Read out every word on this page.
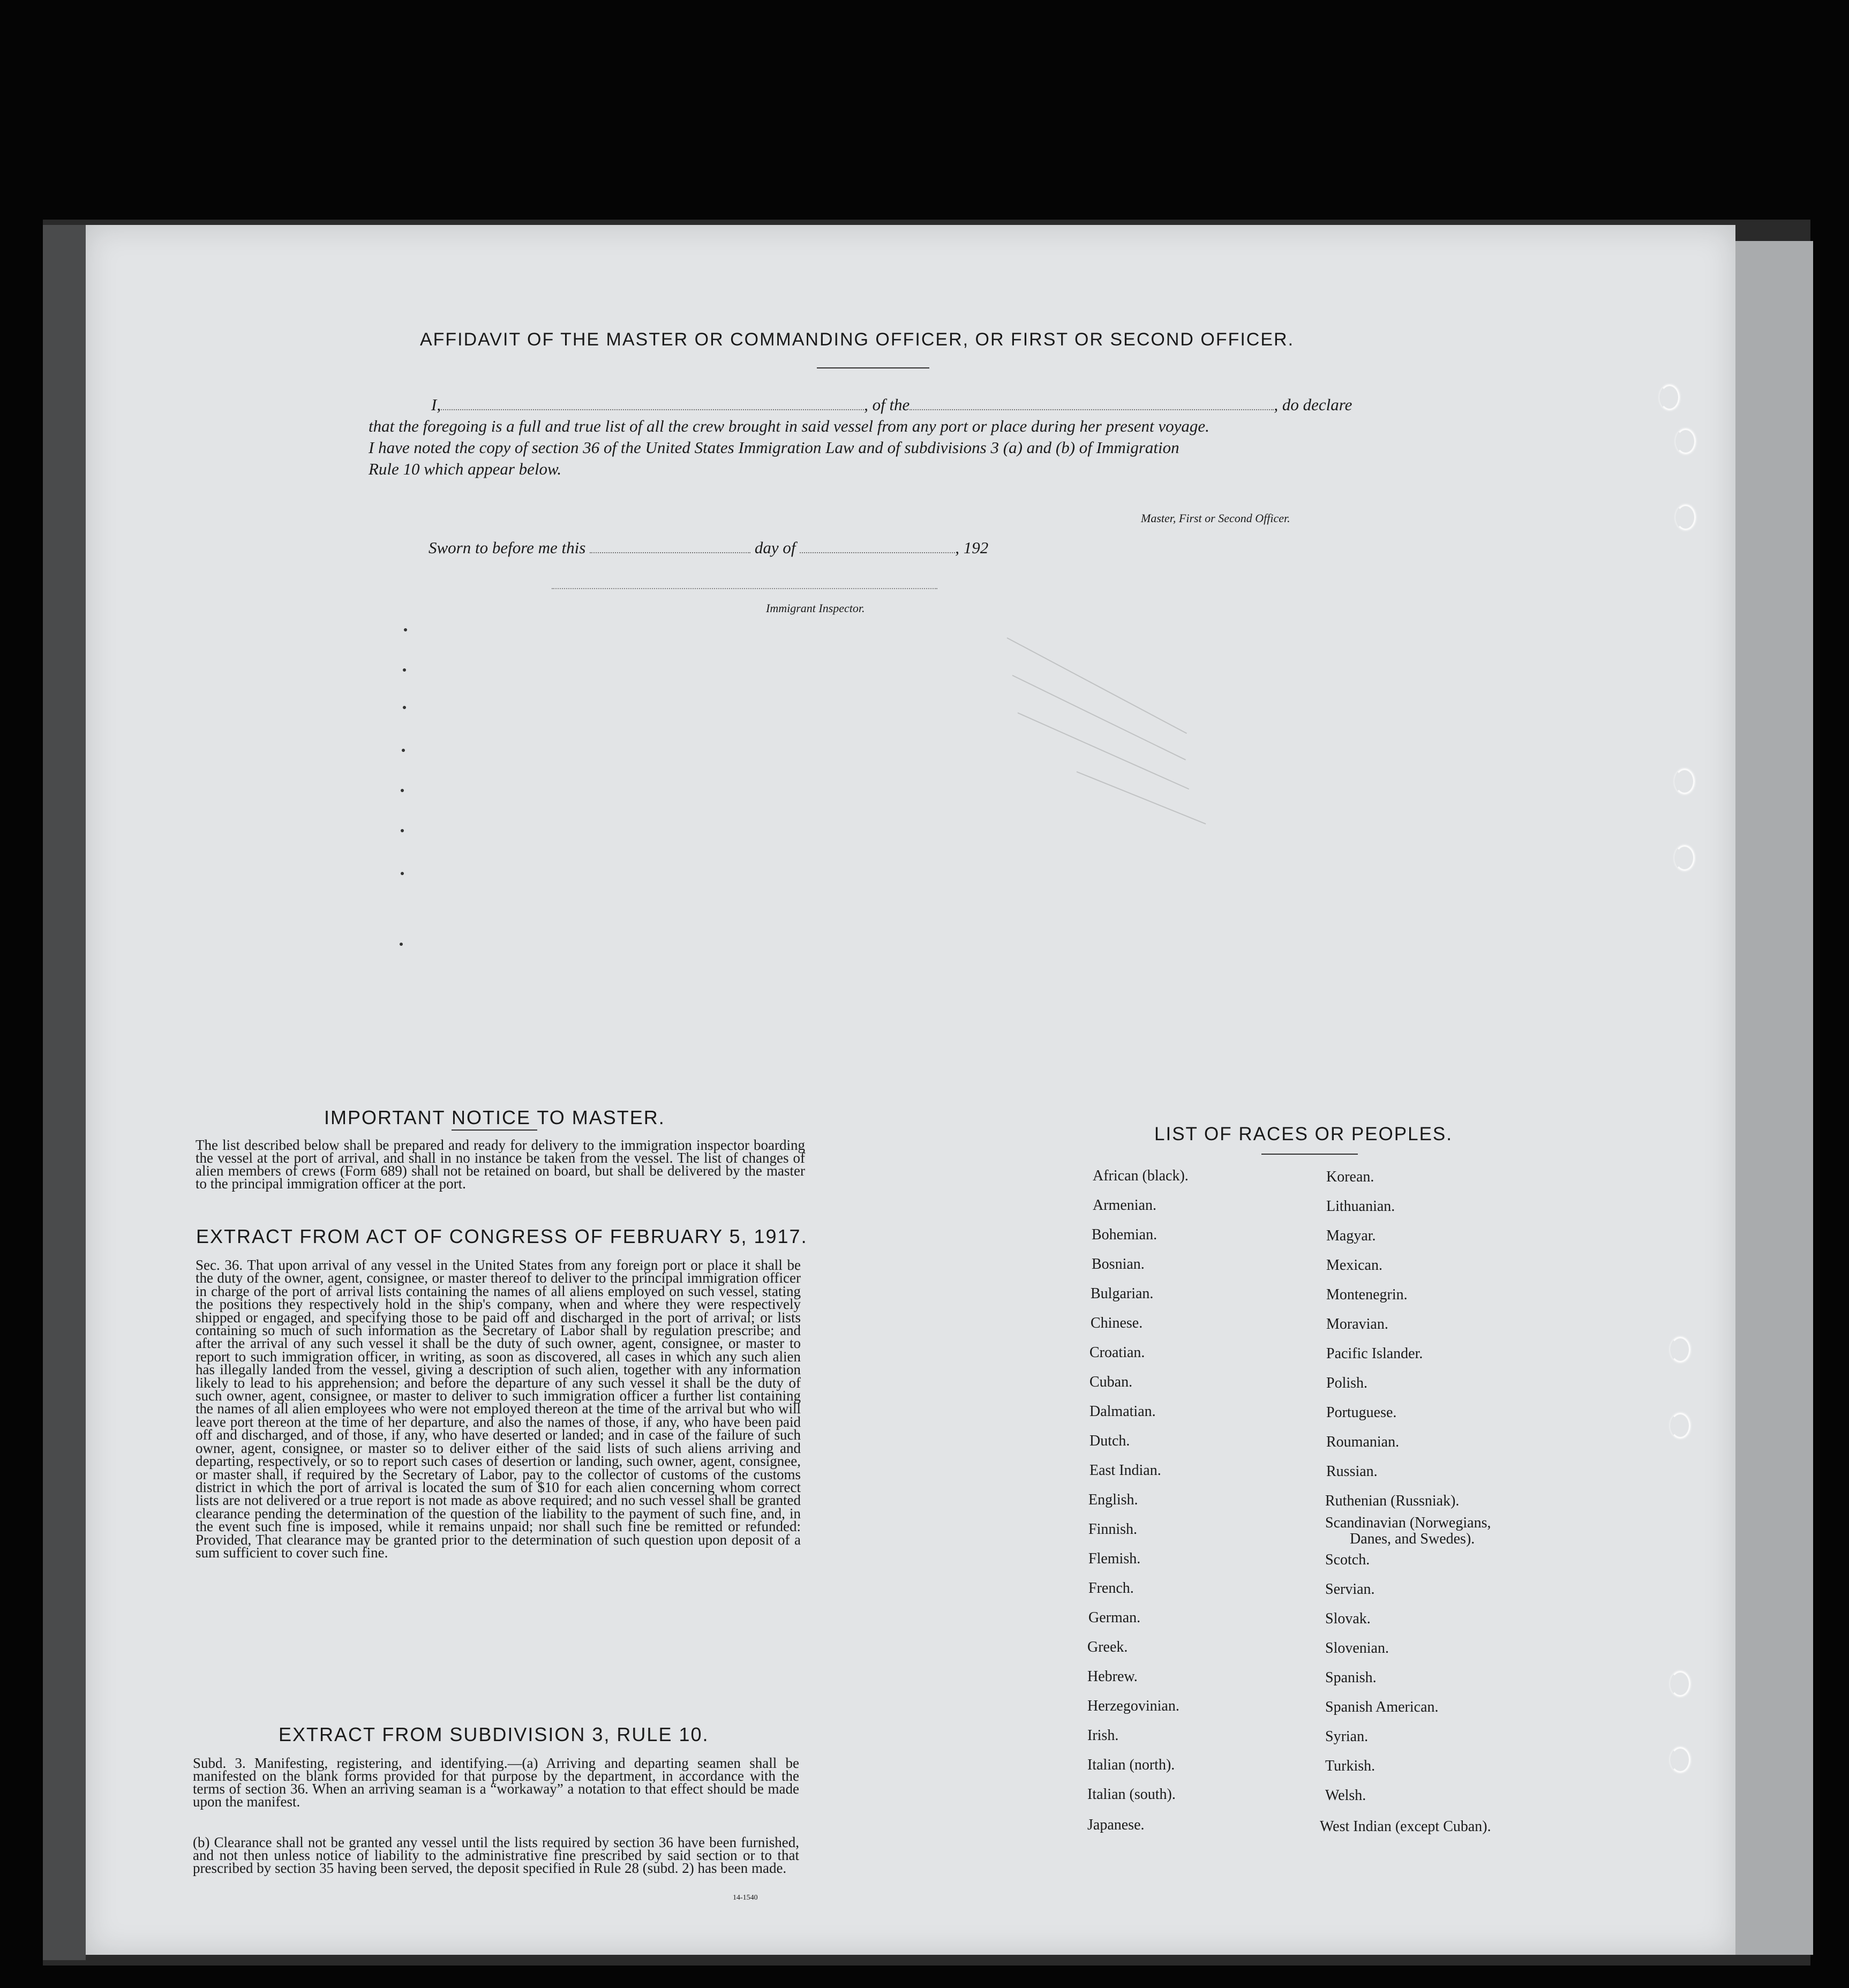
AFFIDAVIT OF THE MASTER OR COMMANDING OFFICER, OR FIRST OR SECOND OFFICER.
I,	, of the	, do declare
that the foregoing is a full and true list of all the crew brought in said vessel from any port or place during her present voyage.
I have noted the copy of section 36 of the United States Immigration Law and of subdivisions 3 (a) and (b) of Immigration
Rule 10 which appear below.
Master, First or Second Officer.
Sworn to before me this	day of	, 192
Immigrant Inspector.
IMPORTANT NOTICE TO MASTER.
The list described below shall be prepared and ready for delivery to the immigration inspector boarding the vessel at the port of arrival, and shall in no instance be taken from the vessel. The list of changes of alien members of crews (Form 689) shall not be retained on board, but shall be delivered by the master to the principal immigration officer at the port.
EXTRACT FROM ACT OF CONGRESS OF FEBRUARY 5, 1917.
Sec. 36. That upon arrival of any vessel in the United States from any foreign port or place it shall be the duty of the owner, agent, consignee, or master thereof to deliver to the principal immigration officer in charge of the port of arrival lists containing the names of all aliens employed on such vessel, stating the positions they respectively hold in the ship's company, when and where they were respectively shipped or engaged, and specifying those to be paid off and discharged in the port of arrival; or lists containing so much of such information as the Secretary of Labor shall by regulation prescribe; and after the arrival of any such vessel it shall be the duty of such owner, agent, consignee, or master to report to such immigration officer, in writing, as soon as discovered, all cases in which any such alien has illegally landed from the vessel, giving a description of such alien, together with any information likely to lead to his apprehension; and before the departure of any such vessel it shall be the duty of such owner, agent, consignee, or master to deliver to such immigration officer a further list containing the names of all alien employees who were not employed thereon at the time of the arrival but who will leave port thereon at the time of her departure, and also the names of those, if any, who have been paid off and discharged, and of those, if any, who have deserted or landed; and in case of the failure of such owner, agent, consignee, or master so to deliver either of the said lists of such aliens arriving and departing, respectively, or so to report such cases of desertion or landing, such owner, agent, consignee, or master shall, if required by the Secretary of Labor, pay to the collector of customs of the customs district in which the port of arrival is located the sum of $10 for each alien concerning whom correct lists are not delivered or a true report is not made as above required; and no such vessel shall be granted clearance pending the determination of the question of the liability to the payment of such fine, and, in the event such fine is imposed, while it remains unpaid; nor shall such fine be remitted or refunded: Provided, That clearance may be granted prior to the determination of such question upon deposit of a sum sufficient to cover such fine.
EXTRACT FROM SUBDIVISION 3, RULE 10.
Subd. 3. Manifesting, registering, and identifying.—(a) Arriving and departing seamen shall be manifested on the blank forms provided for that purpose by the department, in accordance with the terms of section 36. When an arriving seaman is a “workaway” a notation to that effect should be made upon the manifest.
(b) Clearance shall not be granted any vessel until the lists required by section 36 have been furnished, and not then unless notice of liability to the administrative fine prescribed by said section or to that prescribed by section 35 having been served, the deposit specified in Rule 28 (subd. 2) has been made.
14-1540
LIST OF RACES OR PEOPLES.
African (black).
Armenian.
Bohemian.
Bosnian.
Bulgarian.
Chinese.
Croatian.
Cuban.
Dalmatian.
Dutch.
East Indian.
English.
Finnish.
Flemish.
French.
German.
Greek.
Hebrew.
Herzegovinian.
Irish.
Italian (north).
Italian (south).
Japanese.
Korean.
Lithuanian.
Magyar.
Mexican.
Montenegrin.
Moravian.
Pacific Islander.
Polish.
Portuguese.
Roumanian.
Russian.
Ruthenian (Russniak).
Scandinavian (Norwegians,
Danes, and Swedes).
Scotch.
Servian.
Slovak.
Slovenian.
Spanish.
Spanish American.
Syrian.
Turkish.
Welsh.
West Indian (except Cuban).
